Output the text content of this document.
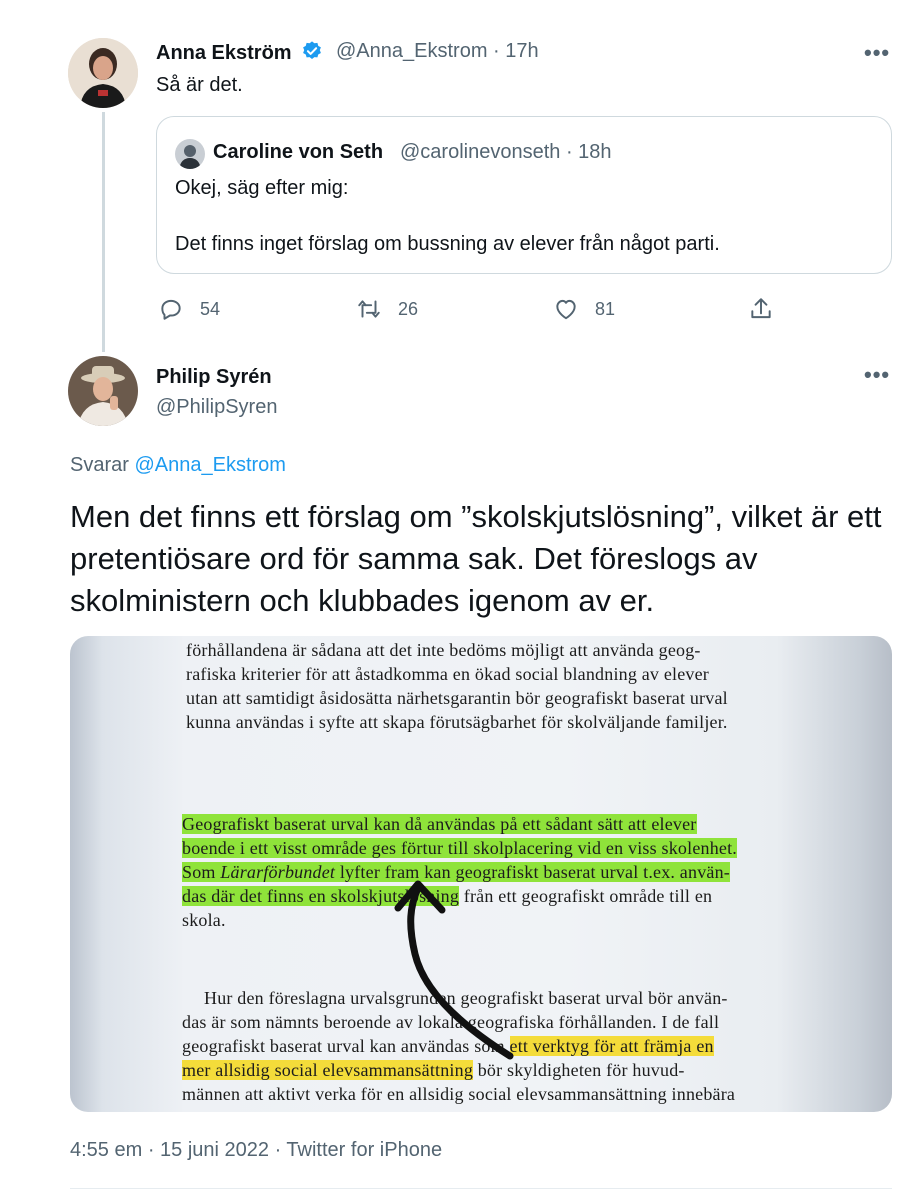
Anna Ekström	@Anna_Ekstrom · 17h	•••
Så är det.
Caroline von Seth @carolinevonseth · 18h
Okej, säg efter mig:
Det finns inget förslag om bussning av elever från något parti.
54	26	81
Philip Syrén
@PhilipSyren
•••
Svarar @Anna_Ekstrom
Men det finns ett förslag om ”skolskjutslösning”, vilket är ett pretentiösare ord för samma sak. Det föreslogs av skolministern och klubbades igenom av er.
förhållandena är sådana att det inte bedöms möjligt att använda geog-
rafiska kriterier för att åstadkomma en ökad social blandning av elever
utan att samtidigt åsidosätta närhetsgarantin bör geografiskt baserat urval
kunna användas i syfte att skapa förutsägbarhet för skolväljande familjer.
Geografiskt baserat urval kan då användas på ett sådant sätt att elever
boende i ett visst område ges förtur till skolplacering vid en viss skolenhet.
Som Lärarförbundet lyfter fram kan geografiskt baserat urval t.ex. använ-
das där det finns en skolskjutslösning från ett geografiskt område till en
skola.
Hur den föreslagna urvalsgrunden geografiskt baserat urval bör använ-
das är som nämnts beroende av lokala geografiska förhållanden. I de fall
geografiskt baserat urval kan användas som ett verktyg för att främja en
mer allsidig social elevsammansättning bör skyldigheten för huvud-
männen att aktivt verka för en allsidig social elevsammansättning innebära
4:55 em · 15 juni 2022 · Twitter for iPhone
